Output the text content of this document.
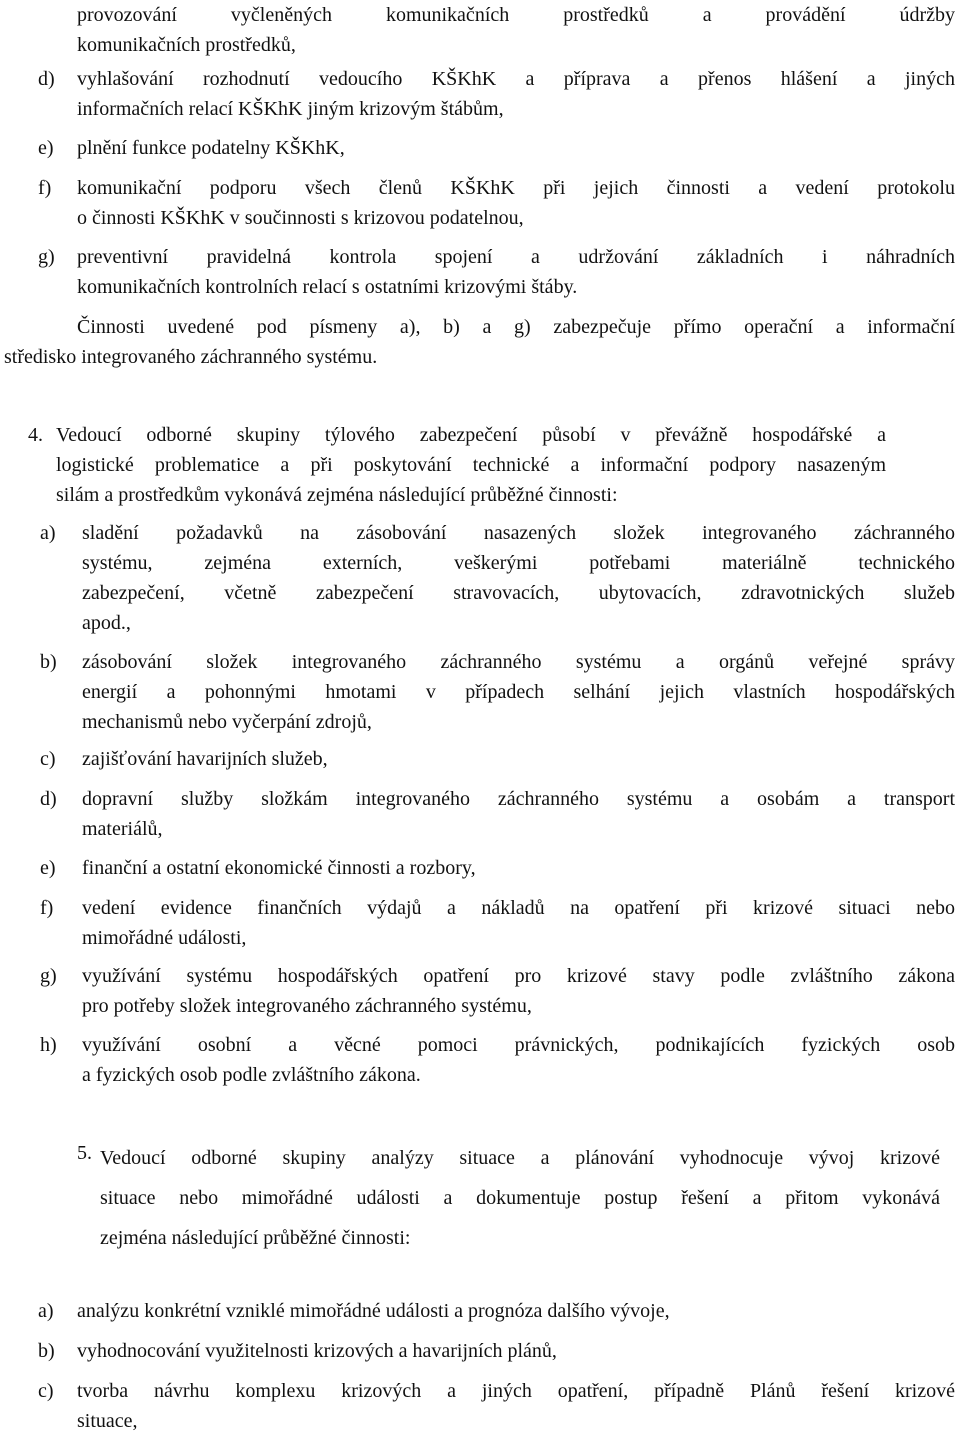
provozování vyčleněných komunikačních prostředků a provádění údržby
komunikačních prostředků,
d) vyhlašování rozhodnutí vedoucího KŠKhK a příprava a přenos hlášení a jiných
informačních relací KŠKhK jiným krizovým štábům,
e) plnění funkce podatelny KŠKhK,
f) komunikační podporu všech členů KŠKhK při jejich činnosti a vedení protokolu
o činnosti KŠKhK v součinnosti s krizovou podatelnou,
g) preventivní pravidelná kontrola spojení a udržování základních i náhradních
komunikačních kontrolních relací s ostatními krizovými štáby.
Činnosti uvedené pod písmeny a), b) a g) zabezpečuje přímo operační a informační
středisko integrovaného záchranného systému.
4. Vedoucí odborné skupiny týlového zabezpečení působí v převážně hospodářské a
logistické problematice a při poskytování technické a informační podpory nasazeným
silám a prostředkům vykonává zejména následující průběžné činnosti:
a) sladění požadavků na zásobování nasazených složek integrovaného záchranného
systému, zejména externích, veškerými potřebami materiálně technického
zabezpečení, včetně zabezpečení stravovacích, ubytovacích, zdravotnických služeb
apod.,
b) zásobování složek integrovaného záchranného systému a orgánů veřejné správy
energií a pohonnými hmotami v případech selhání jejich vlastních hospodářských
mechanismů nebo vyčerpání zdrojů,
c) zajišťování havarijních služeb,
d) dopravní služby složkám integrovaného záchranného systému a osobám a transport
materiálů,
e) finanční a ostatní ekonomické činnosti a rozbory,
f) vedení evidence finančních výdajů a nákladů na opatření při krizové situaci nebo
mimořádné události,
g) využívání systému hospodářských opatření pro krizové stavy podle zvláštního zákona
pro potřeby složek integrovaného záchranného systému,
h) využívání osobní a věcné pomoci právnických, podnikajících fyzických osob
a fyzických osob podle zvláštního zákona.
5. Vedoucí odborné skupiny analýzy situace a plánování vyhodnocuje vývoj krizové
situace nebo mimořádné události a dokumentuje postup řešení a přitom vykonává
zejména následující průběžné činnosti:
a) analýzu konkrétní vzniklé mimořádné události a prognóza dalšího vývoje,
b) vyhodnocování využitelnosti krizových a havarijních plánů,
c) tvorba návrhu komplexu krizových a jiných opatření, případně Plánů řešení krizové
situace,
